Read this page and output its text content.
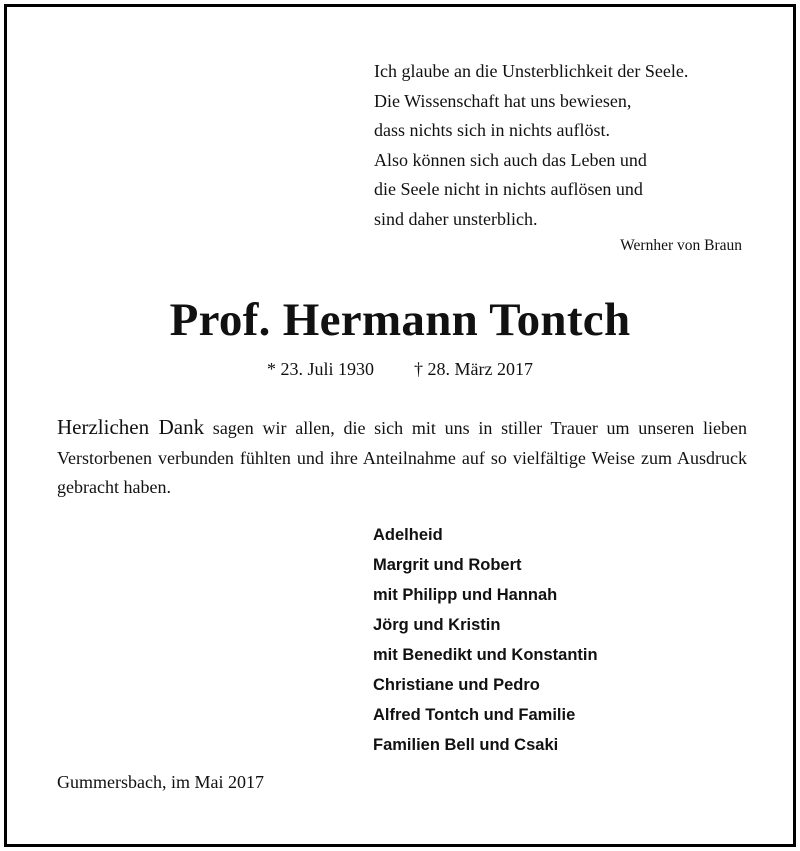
Ich glaube an die Unsterblichkeit der Seele.
Die Wissenschaft hat uns bewiesen,
dass nichts sich in nichts auflöst.
Also können sich auch das Leben und
die Seele nicht in nichts auflösen und
sind daher unsterblich.
Wernher von Braun
Prof. Hermann Tontch
* 23. Juli 1930 † 28. März 2017
Herzlichen Dank sagen wir allen, die sich mit uns in stiller Trauer um unseren lieben Verstorbenen verbunden fühlten und ihre Anteilnahme auf so vielfältige Weise zum Ausdruck gebracht haben.
Adelheid
Margrit und Robert
mit Philipp und Hannah
Jörg und Kristin
mit Benedikt und Konstantin
Christiane und Pedro
Alfred Tontch und Familie
Familien Bell und Csaki
Gummersbach, im Mai 2017
